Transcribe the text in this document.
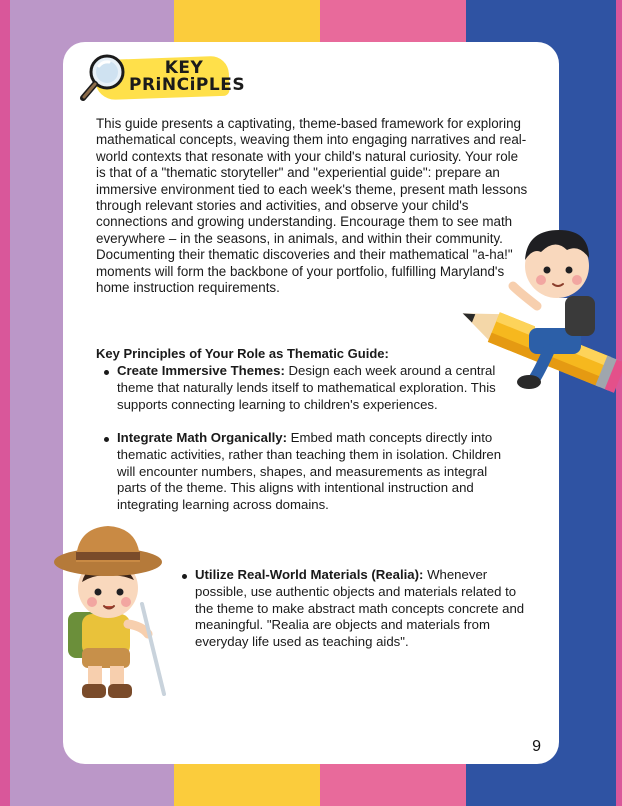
KEY
PRiNCiPLES

This guide presents a captivating, theme-based framework for exploring mathematical concepts, weaving them into engaging narratives and real-world contexts that resonate with your child's natural curiosity. Your role is that of a "thematic storyteller" and "experiential guide": prepare an immersive environment tied to each week's theme, present math lessons through relevant stories and activities, and observe your child's connections and growing understanding. Encourage them to see math everywhere – in the seasons, in animals, and within their community. Documenting their thematic discoveries and their mathematical "a-ha!" moments will form the backbone of your portfolio, fulfilling Maryland's home instruction requirements.

Key Principles of Your Role as Thematic Guide:
Create Immersive Themes: Design each week around a central theme that naturally lends itself to mathematical exploration. This supports connecting learning to children's experiences.
Integrate Math Organically: Embed math concepts directly into thematic activities, rather than teaching them in isolation. Children will encounter numbers, shapes, and measurements as integral parts of the theme. This aligns with intentional instruction and integrating learning across domains.
Utilize Real-World Materials (Realia): Whenever possible, use authentic objects and materials related to the theme to make abstract math concepts concrete and meaningful. "Realia are objects and materials from everyday life used as teaching aids".
9
